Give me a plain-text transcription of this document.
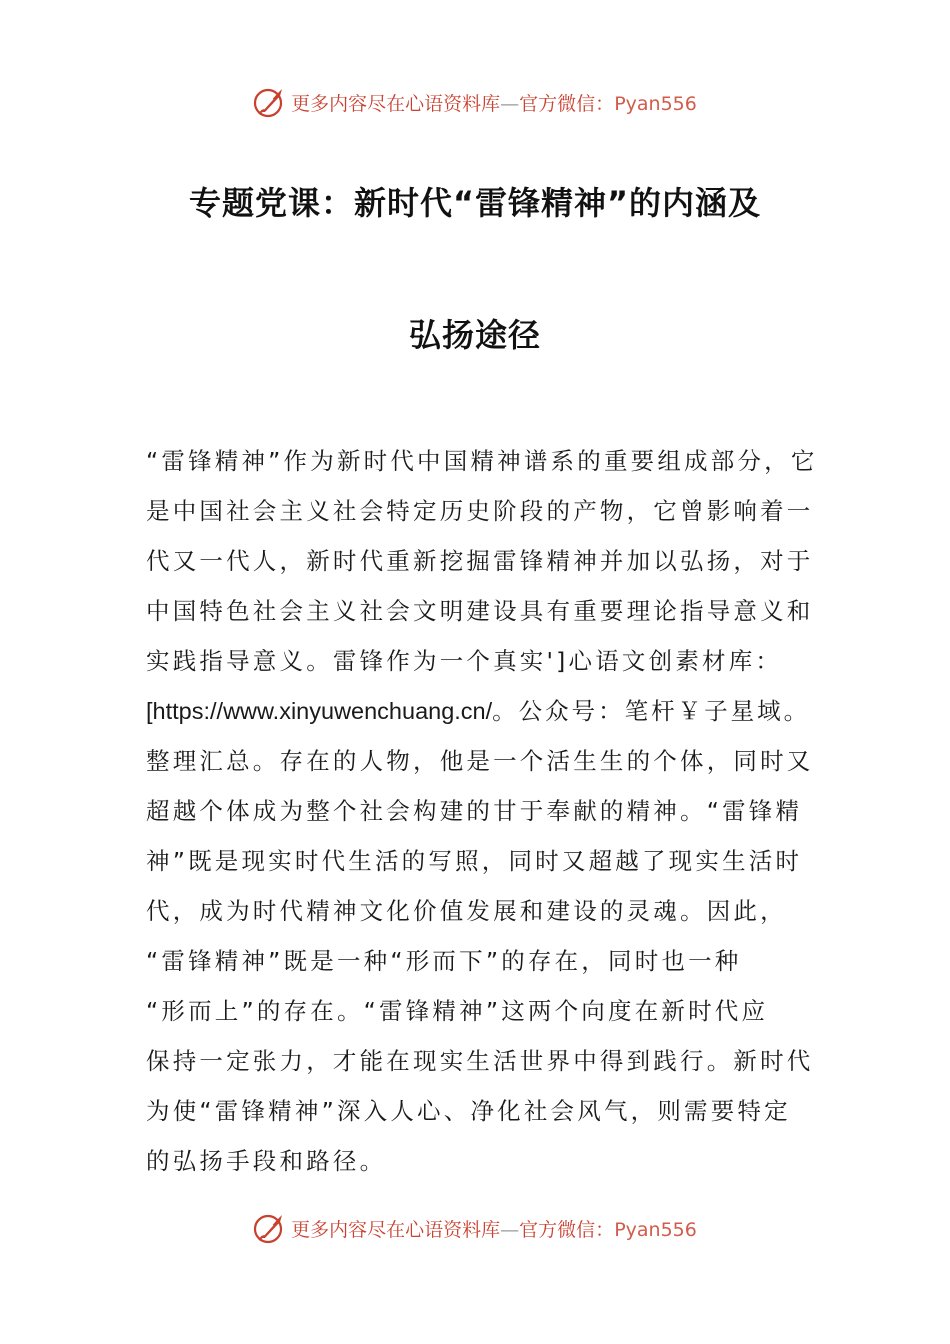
更多内容尽在心语资料库—官方微信：Pyan556
专题党课：新时代“雷锋精神”的内涵及
弘扬途径
“雷锋精神”作为新时代中国精神谱系的重要组成部分，它
是中国社会主义社会特定历史阶段的产物，它曾影响着一
代又一代人，新时代重新挖掘雷锋精神并加以弘扬，对于
中国特色社会主义社会文明建设具有重要理论指导意义和
实践指导意义。雷锋作为一个真实']心语文创素材库：
[https://www.xinyuwenchuang.cn/。公众号：笔杆￥子星域。
整理汇总。存在的人物，他是一个活生生的个体，同时又
超越个体成为整个社会构建的甘于奉献的精神。“雷锋精
神”既是现实时代生活的写照，同时又超越了现实生活时
代，成为时代精神文化价值发展和建设的灵魂。因此，
“雷锋精神”既是一种“形而下”的存在，同时也一种
“形而上”的存在。“雷锋精神”这两个向度在新时代应
保持一定张力，才能在现实生活世界中得到践行。新时代
为使“雷锋精神”深入人心、净化社会风气，则需要特定
的弘扬手段和路径。
更多内容尽在心语资料库—官方微信：Pyan556
